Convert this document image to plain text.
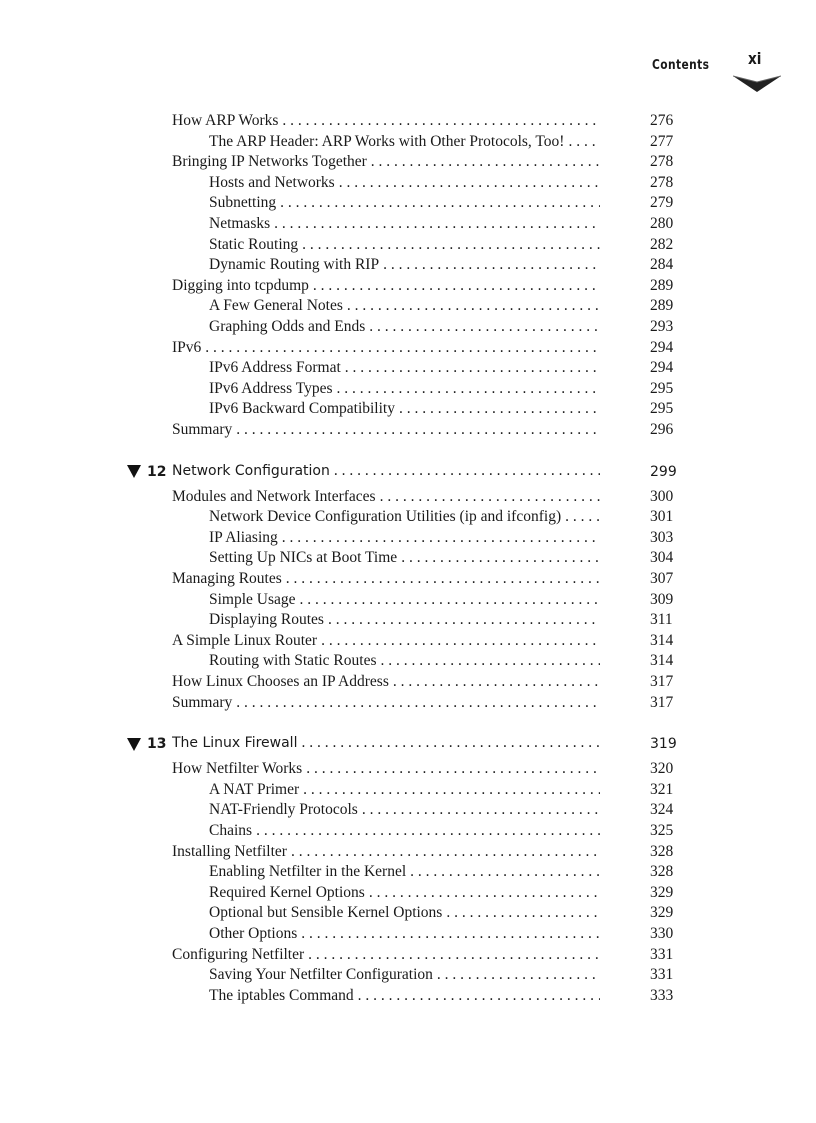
Contents xi
How ARP Works . . .	276
The ARP Header: ARP Works with Other Protocols, Too! . . .	277
Bringing IP Networks Together . . .	278
Hosts and Networks . . .	278
Subnetting . . .	279
Netmasks . . .	280
Static Routing . . .	282
Dynamic Routing with RIP . . .	284
Digging into tcpdump . . .	289
A Few General Notes . . .	289
Graphing Odds and Ends . . .	293
IPv6 . . .	294
IPv6 Address Format . . .	294
IPv6 Address Types . . .	295
IPv6 Backward Compatibility . . .	295
Summary . . .	296
12 Network Configuration . . .	299
Modules and Network Interfaces . . .	300
Network Device Configuration Utilities (ip and ifconfig) . . .	301
IP Aliasing . . .	303
Setting Up NICs at Boot Time . . .	304
Managing Routes . . .	307
Simple Usage . . .	309
Displaying Routes . . .	311
A Simple Linux Router . . .	314
Routing with Static Routes . . .	314
How Linux Chooses an IP Address . . .	317
Summary . . .	317
13 The Linux Firewall . . .	319
How Netfilter Works . . .	320
A NAT Primer . . .	321
NAT-Friendly Protocols . . .	324
Chains . . .	325
Installing Netfilter . . .	328
Enabling Netfilter in the Kernel . . .	328
Required Kernel Options . . .	329
Optional but Sensible Kernel Options . . .	329
Other Options . . .	330
Configuring Netfilter . . .	331
Saving Your Netfilter Configuration . . .	331
The iptables Command . . .	333
